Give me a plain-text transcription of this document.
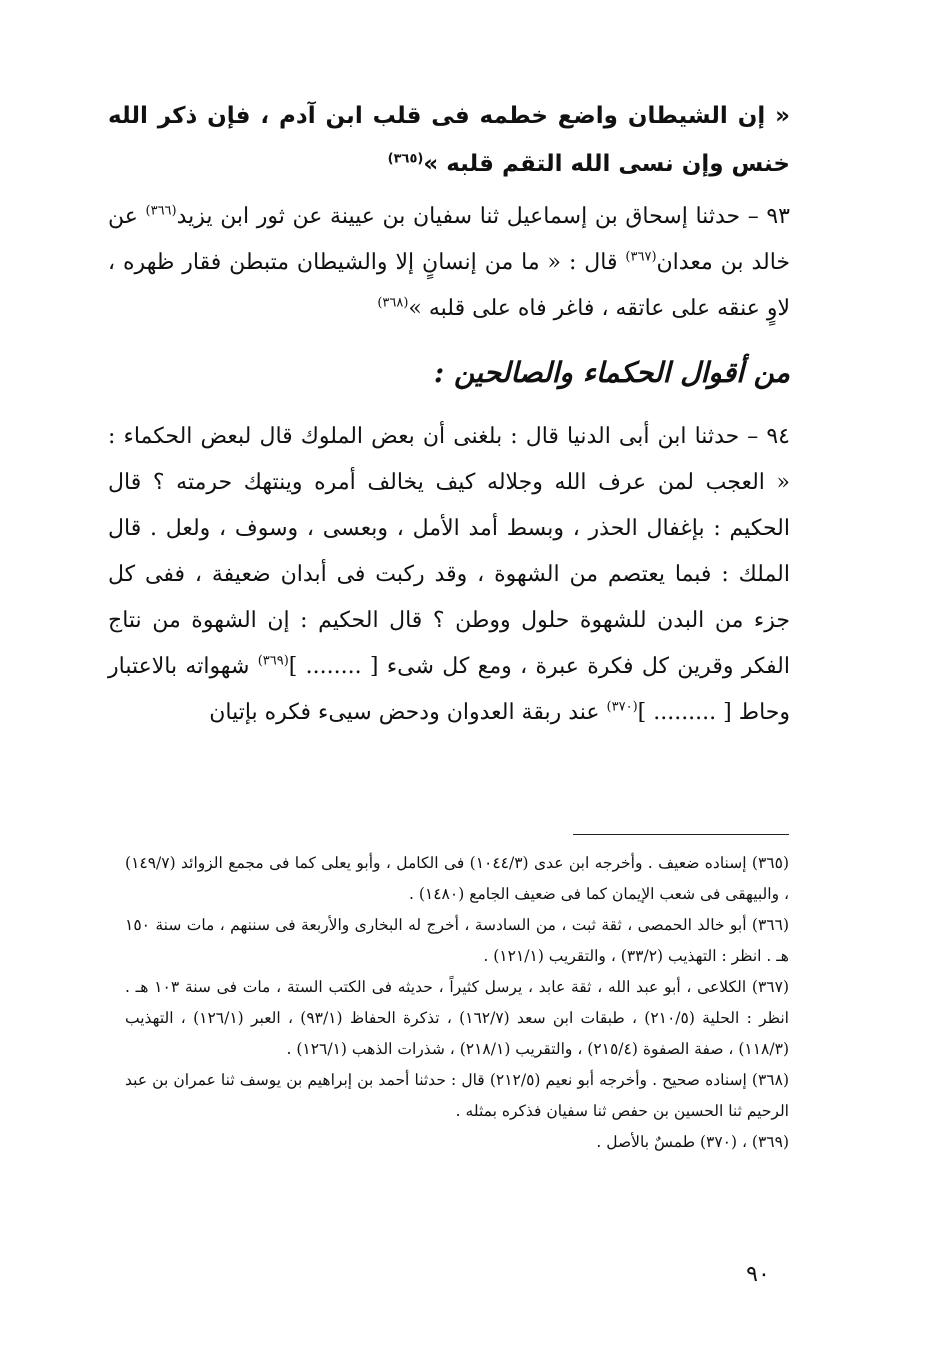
« إن الشيطان واضع خطمه فى قلب ابن آدم ، فإن ذكر الله خنس وإن نسى الله التقم قلبه »$^{(٣٦٥)}$

٩٣ – حدثنا إسحاق بن إسماعيل ثنا سفيان بن عيينة عن ثور ابن يزيد$^{(٣٦٦)}$ عن خالد بن معدان$^{(٣٦٧)}$ قال : « ما من إنسانٍ إلا والشيطان متبطن فقار ظهره ، لاوٍ عنقه على عاتقه ، فاغر فاه على قلبه »$^{(٣٦٨)}$

من أقوال الحكماء والصالحين :

٩٤ – حدثنا ابن أبى الدنيا قال : بلغنى أن بعض الملوك قال لبعض الحكماء : « العجب لمن عرف الله وجلاله كيف يخالف أمره وينتهك حرمته ؟ قال الحكيم : بإغفال الحذر ، وبسط أمد الأمل ، وبعسى ، وسوف ، ولعل . قال الملك : فبما يعتصم من الشهوة ، وقد ركبت فى أبدان ضعيفة ، ففى كل جزء من البدن للشهوة حلول ووطن ؟ قال الحكيم : إن الشهوة من نتاج الفكر وقرين كل فكرة عبرة ، ومع كل شىء [ ........ ]$^{(٣٦٩)}$ شهواته بالاعتبار وحاط [ ......... ]$^{(٣٧٠)}$ عند ربقة العدوان ودحض سيىء فكره بإتيان

(٣٦٥) إسناده ضعيف . وأخرجه ابن عدى (١٠٤٤/٣) فى الكامل ، وأبو يعلى كما فى مجمع الزوائد (١٤٩/٧) ، والبيهقى فى شعب الإيمان كما فى ضعيف الجامع (١٤٨٠) .

(٣٦٦) أبو خالد الحمصى ، ثقة ثبت ، من السادسة ، أخرج له البخارى والأربعة فى سننهم ، مات سنة ١٥٠ هـ . انظر : التهذيب (٣٣/٢) ، والتقريب (١٢١/١) .

(٣٦٧) الكلاعى ، أبو عبد الله ، ثقة عابد ، يرسل كثيراً ، حديثه فى الكتب الستة ، مات فى سنة ١٠٣ هـ . انظر : الحلية (٢١٠/٥) ، طبقات ابن سعد (١٦٢/٧) ، تذكرة الحفاظ (٩٣/١) ، العبر (١٢٦/١) ، التهذيب (١١٨/٣) ، صفة الصفوة (٢١٥/٤) ، والتقريب (٢١٨/١) ، شذرات الذهب (١٢٦/١) .

(٣٦٨) إسناده صحيح . وأخرجه أبو نعيم (٢١٢/٥) قال : حدثنا أحمد بن إبراهيم بن يوسف ثنا عمران بن عبد الرحيم ثنا الحسين بن حفص ثنا سفيان فذكره بمثله .

(٣٦٩) ، (٣٧٠) طمسٌ بالأصل .

٩٠
